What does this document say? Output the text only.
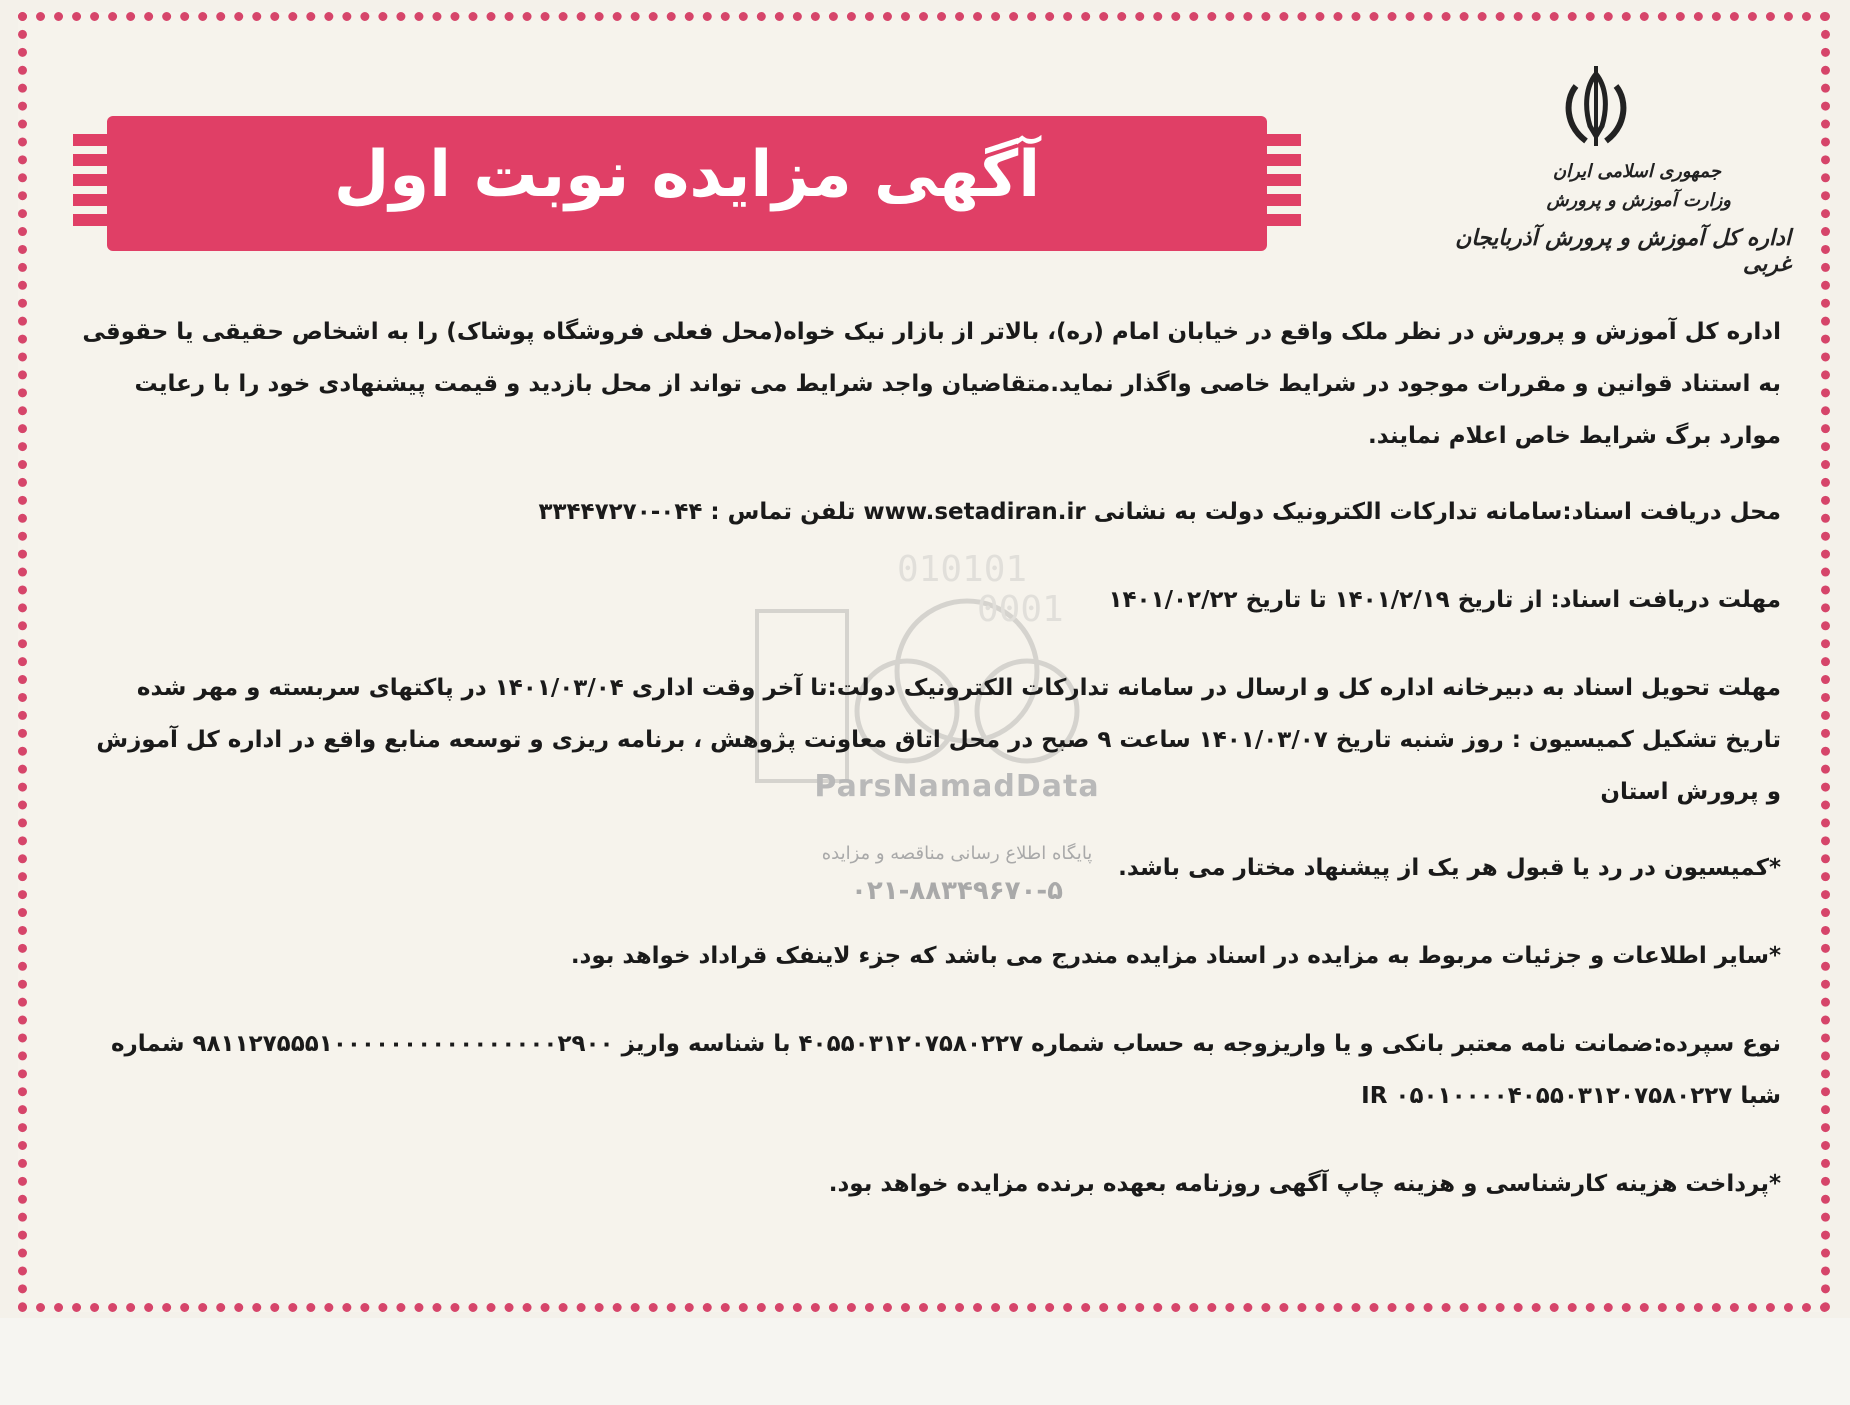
آگهی مزایده نوبت اول	جمهوری اسلامی ایران
وزارت آموزش و پرورش
اداره کل آموزش و پرورش آذربایجان غربی
010101
0001
ParsNamadData
پایگاه اطلاع رسانی مناقصه و مزایده
۰۲۱-۸۸۳۴۹۶۷۰-۵

اداره کل آموزش و پرورش در نظر ملک واقع در خیابان امام (ره)، بالاتر از بازار نیک خواه(محل فعلی فروشگاه پوشاک) را به اشخاص حقیقی یا حقوقی به استناد قوانین و مقررات موجود در شرایط خاصی واگذار نماید.متقاضیان واجد شرایط می تواند از محل بازدید و قیمت پیشنهادی خود را با رعایت موارد برگ شرایط خاص اعلام نمایند.

محل دریافت اسناد:سامانه تدارکات الکترونیک دولت به نشانی www.setadiran.ir تلفن تماس : ۰۴۴-۳۳۴۴۷۲۷۰

مهلت دریافت اسناد: از تاریخ ۱۴۰۱/۲/۱۹ تا تاریخ ۱۴۰۱/۰۲/۲۲

مهلت تحویل اسناد به دبیرخانه اداره کل و ارسال در سامانه تدارکات الکترونیک دولت:تا آخر وقت اداری ۱۴۰۱/۰۳/۰۴ در پاکتهای سربسته و مهر شده تاریخ تشکیل کمیسیون : روز شنبه تاریخ ۱۴۰۱/۰۳/۰۷ ساعت ۹ صبح در محل اتاق معاونت پژوهش ، برنامه ریزی و توسعه منابع واقع در اداره کل آموزش و پرورش استان

*کمیسیون در رد یا قبول هر یک از پیشنهاد مختار می باشد.

*سایر اطلاعات و جزئیات مربوط به مزایده در اسناد مزایده مندرج می باشد که جزء لاینفک قراداد خواهد بود.

نوع سپرده:ضمانت نامه معتبر بانکی و یا واریزوجه به حساب شماره ۴۰۵۵۰۳۱۲۰۷۵۸۰۲۲۷ با شناسه واریز ۹۸۱۱۲۷۵۵۵۱۰۰۰۰۰۰۰۰۰۰۰۰۰۰۰۰۲۹۰۰ شماره شبا IR ۰۵۰۱۰۰۰۰۴۰۵۵۰۳۱۲۰۷۵۸۰۲۲۷

*پرداخت هزینه کارشناسی و هزینه چاپ آگهی روزنامه بعهده برنده مزایده خواهد بود.
